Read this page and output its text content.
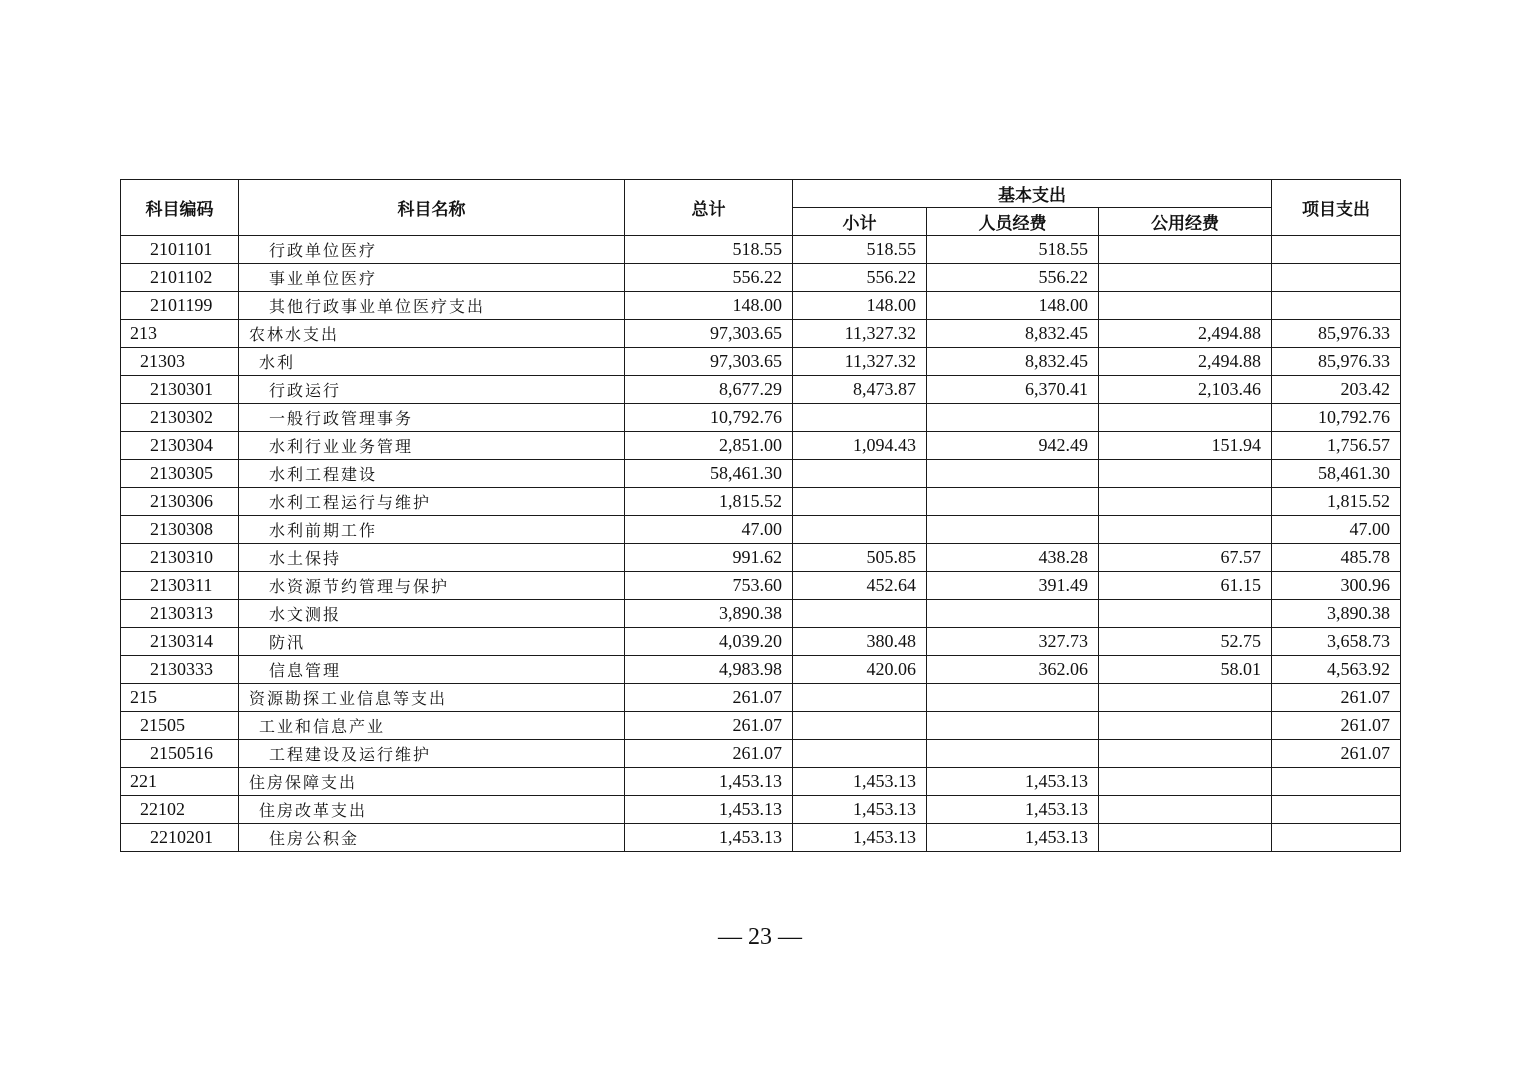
科目编码	科目名称	总计	基本支出			项目支出
			小计	人员经费	公用经费	
2101101	行政单位医疗	518.55	518.55	518.55		
2101102	事业单位医疗	556.22	556.22	556.22		
2101199	其他行政事业单位医疗支出	148.00	148.00	148.00		
213	农林水支出	97,303.65	11,327.32	8,832.45	2,494.88	85,976.33
21303	水利	97,303.65	11,327.32	8,832.45	2,494.88	85,976.33
2130301	行政运行	8,677.29	8,473.87	6,370.41	2,103.46	203.42
2130302	一般行政管理事务	10,792.76				10,792.76
2130304	水利行业业务管理	2,851.00	1,094.43	942.49	151.94	1,756.57
2130305	水利工程建设	58,461.30				58,461.30
2130306	水利工程运行与维护	1,815.52				1,815.52
2130308	水利前期工作	47.00				47.00
2130310	水土保持	991.62	505.85	438.28	67.57	485.78
2130311	水资源节约管理与保护	753.60	452.64	391.49	61.15	300.96
2130313	水文测报	3,890.38				3,890.38
2130314	防汛	4,039.20	380.48	327.73	52.75	3,658.73
2130333	信息管理	4,983.98	420.06	362.06	58.01	4,563.92
215	资源勘探工业信息等支出	261.07				261.07
21505	工业和信息产业	261.07				261.07
2150516	工程建设及运行维护	261.07				261.07
221	住房保障支出	1,453.13	1,453.13	1,453.13		
22102	住房改革支出	1,453.13	1,453.13	1,453.13		
2210201	住房公积金	1,453.13	1,453.13	1,453.13		
— 23 —
